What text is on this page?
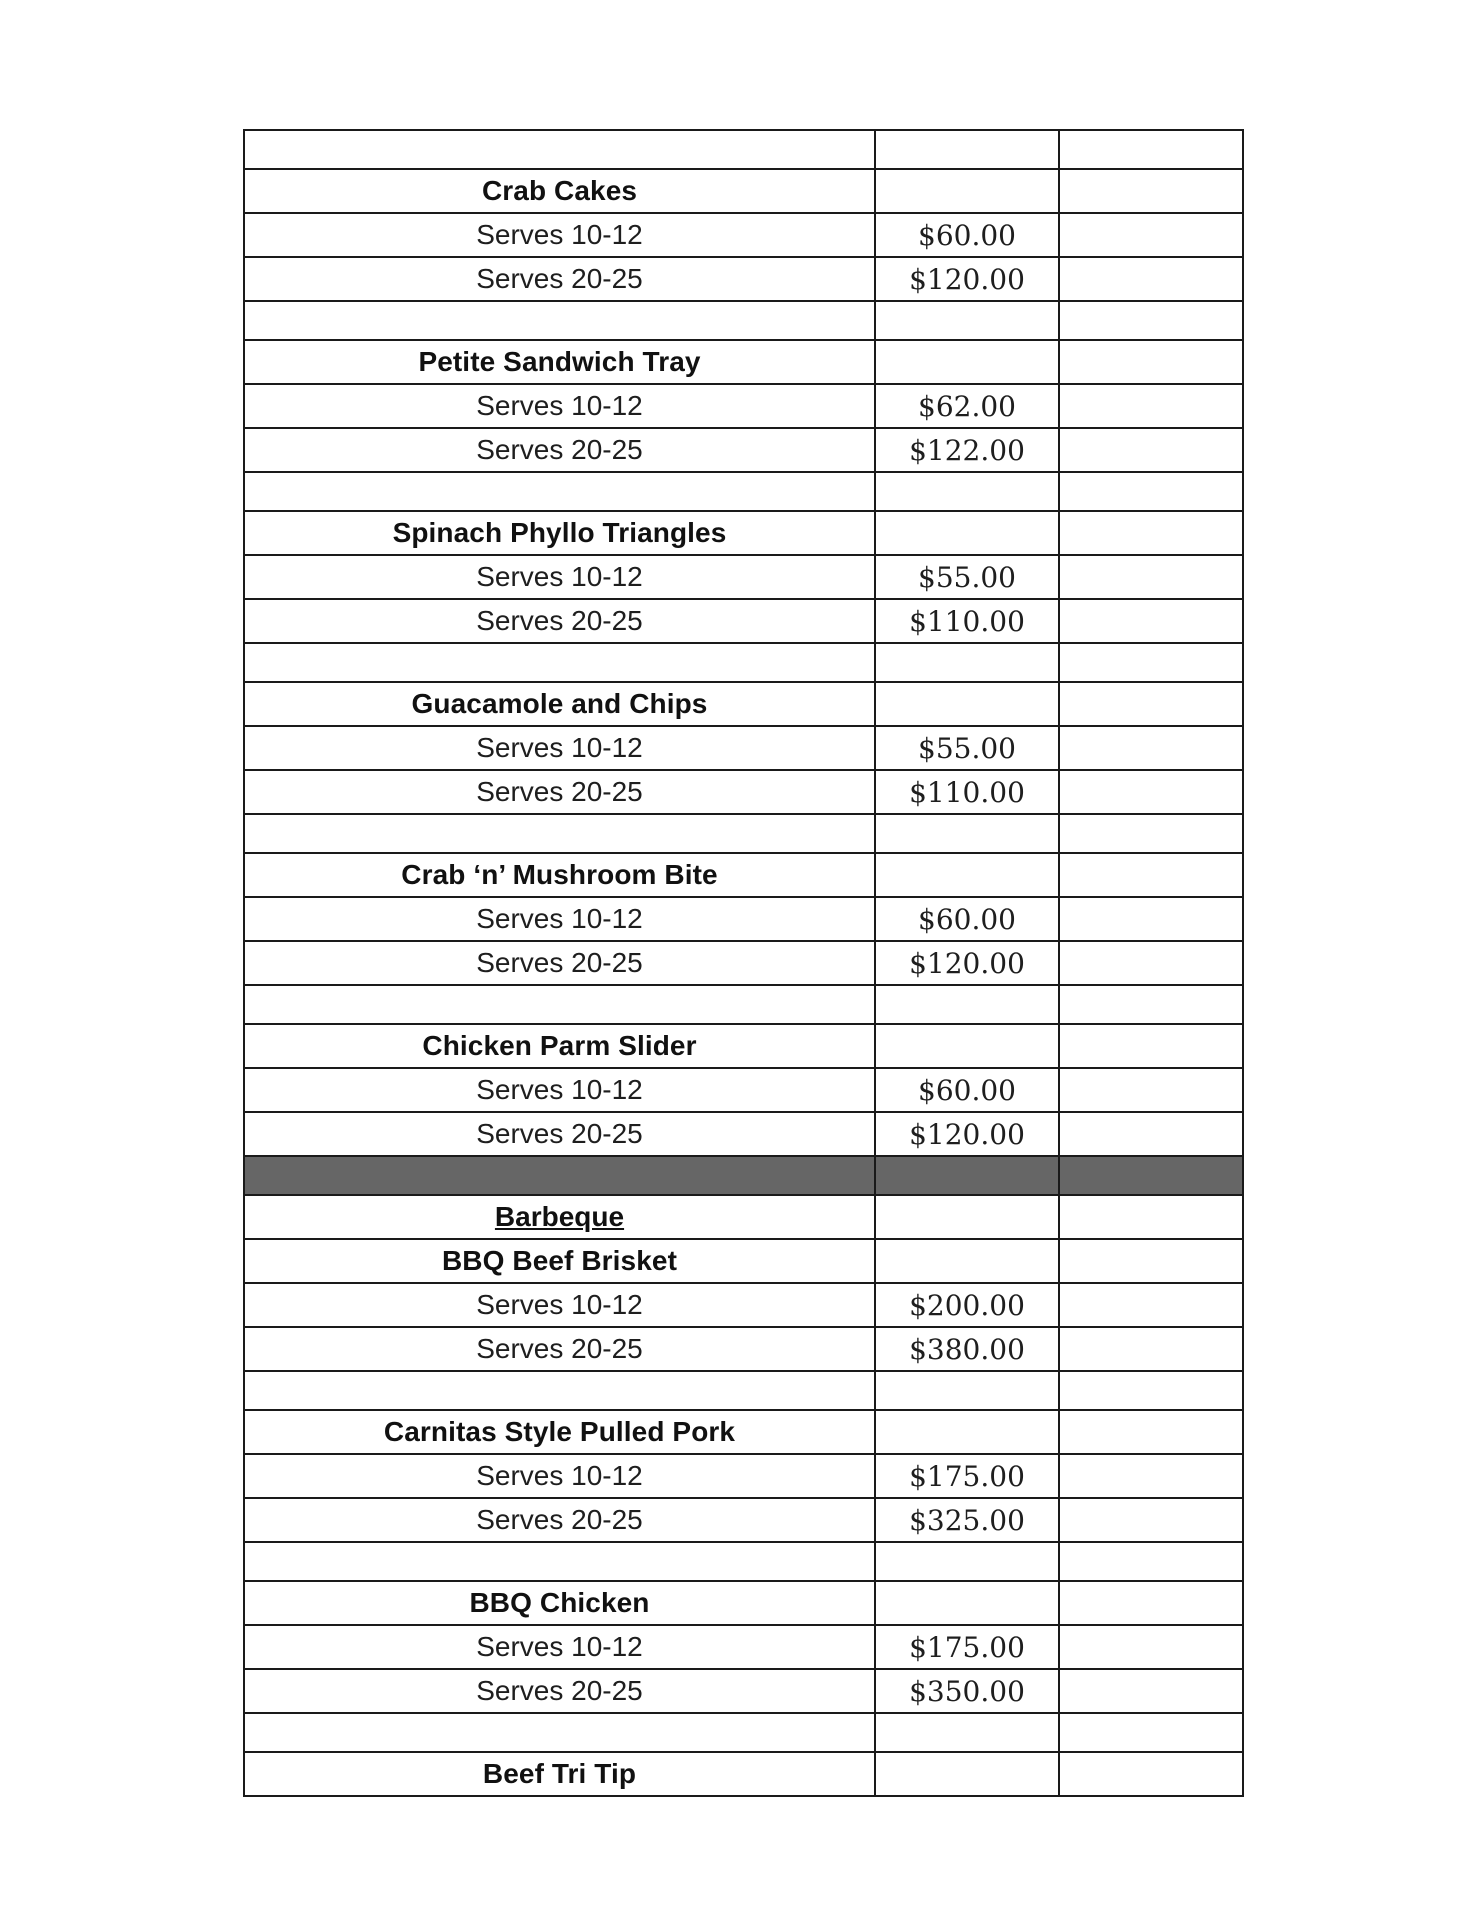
Crab Cakes		
Serves 10-12	$60.00	
Serves 20-25	$120.00	

Petite Sandwich Tray		
Serves 10-12	$62.00	
Serves 20-25	$122.00	

Spinach Phyllo Triangles		
Serves 10-12	$55.00	
Serves 20-25	$110.00	

Guacamole and Chips		
Serves 10-12	$55.00	
Serves 20-25	$110.00	

Crab ‘n’ Mushroom Bite		
Serves 10-12	$60.00	
Serves 20-25	$120.00	

Chicken Parm Slider		
Serves 10-12	$60.00	
Serves 20-25	$120.00	

Barbeque		
BBQ Beef Brisket		
Serves 10-12	$200.00	
Serves 20-25	$380.00	

Carnitas Style Pulled Pork		
Serves 10-12	$175.00	
Serves 20-25	$325.00	

BBQ Chicken		
Serves 10-12	$175.00	
Serves 20-25	$350.00	

Beef Tri Tip		
